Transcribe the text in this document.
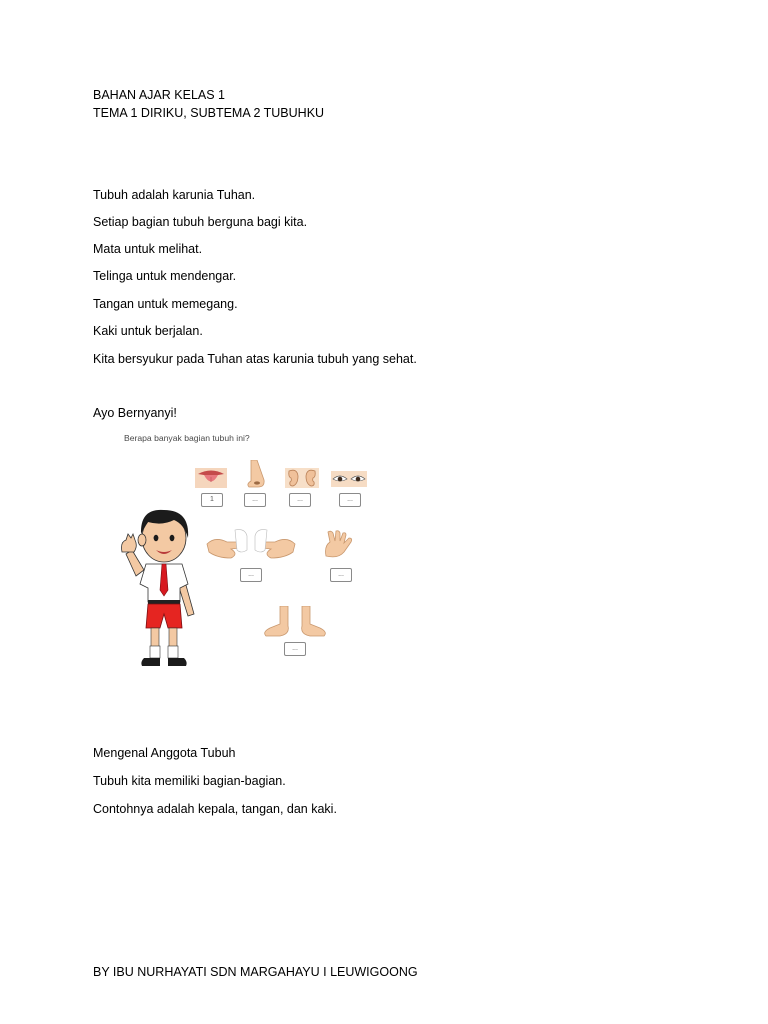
BAHAN AJAR KELAS 1
TEMA 1 DIRIKU, SUBTEMA 2 TUBUHKU
Tubuh adalah karunia Tuhan.
Setiap bagian tubuh berguna bagi kita.
Mata untuk melihat.
Telinga untuk mendengar.
Tangan untuk memegang.
Kaki untuk berjalan.
Kita bersyukur pada Tuhan atas karunia tubuh yang sehat.
Ayo Bernyanyi!
Berapa banyak bagian tubuh ini?
1	...	...	...
...	...
...
Mengenal Anggota Tubuh
Tubuh kita memiliki bagian-bagian.
Contohnya adalah kepala, tangan, dan kaki.
BY IBU NURHAYATI SDN MARGAHAYU I LEUWIGOONG
